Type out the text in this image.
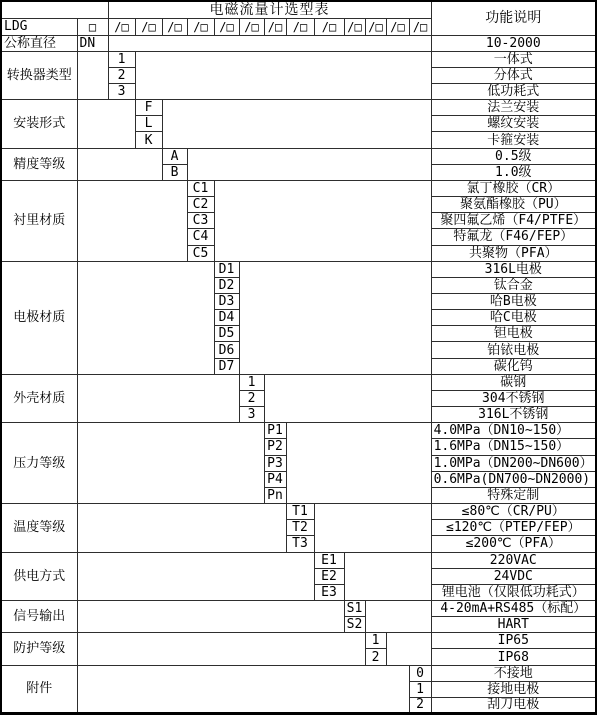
		电磁流量计选型表													功能说明
LDG	□	/□	/□	/□	/□	/□	/□	/□	/□	/□	/□	/□	/□	/□	
公称直径	DN														10-2000
转换器类型		1													一体式
		2													分体式
		3													低功耗式
安装形式			F												法兰安装
			L												螺纹安装
			K												卡箍安装
精度等级				A											0.5级
				B											1.0级
衬里材质					C1										氯丁橡胶（CR）
					C2										聚氨酯橡胶（PU）
					C3										聚四氟乙烯（F4/PTFE）
					C4										特氟龙（F46/FEP）
					C5										共聚物（PFA）
电极材质						D1									316L电极
						D2									钛合金
						D3									哈B电极
						D4									哈C电极
						D5									钽电极
						D6									铂铱电极
						D7									碳化钨
外壳材质							1								碳钢
							2								304不锈钢
							3								316L不锈钢
压力等级								P1							4.0MPa（DN10~150）
								P2							1.6MPa（DN15~150）
								P3							1.0MPa（DN200~DN600）
								P4							0.6MPa(DN700~DN2000)
								Pn							特殊定制
温度等级									T1						≤80℃（CR/PU）
									T2						≤120℃（PTEP/FEP）
									T3						≤200℃（PFA）
供电方式										E1					220VAC
										E2					24VDC
										E3					锂电池（仅限低功耗式）
信号输出											S1				4-20mA+RS485（标配）
											S2				HART
防护等级												1			IP65
												2			IP68
附件														0	不接地
														1	接地电极
														2	刮刀电极
